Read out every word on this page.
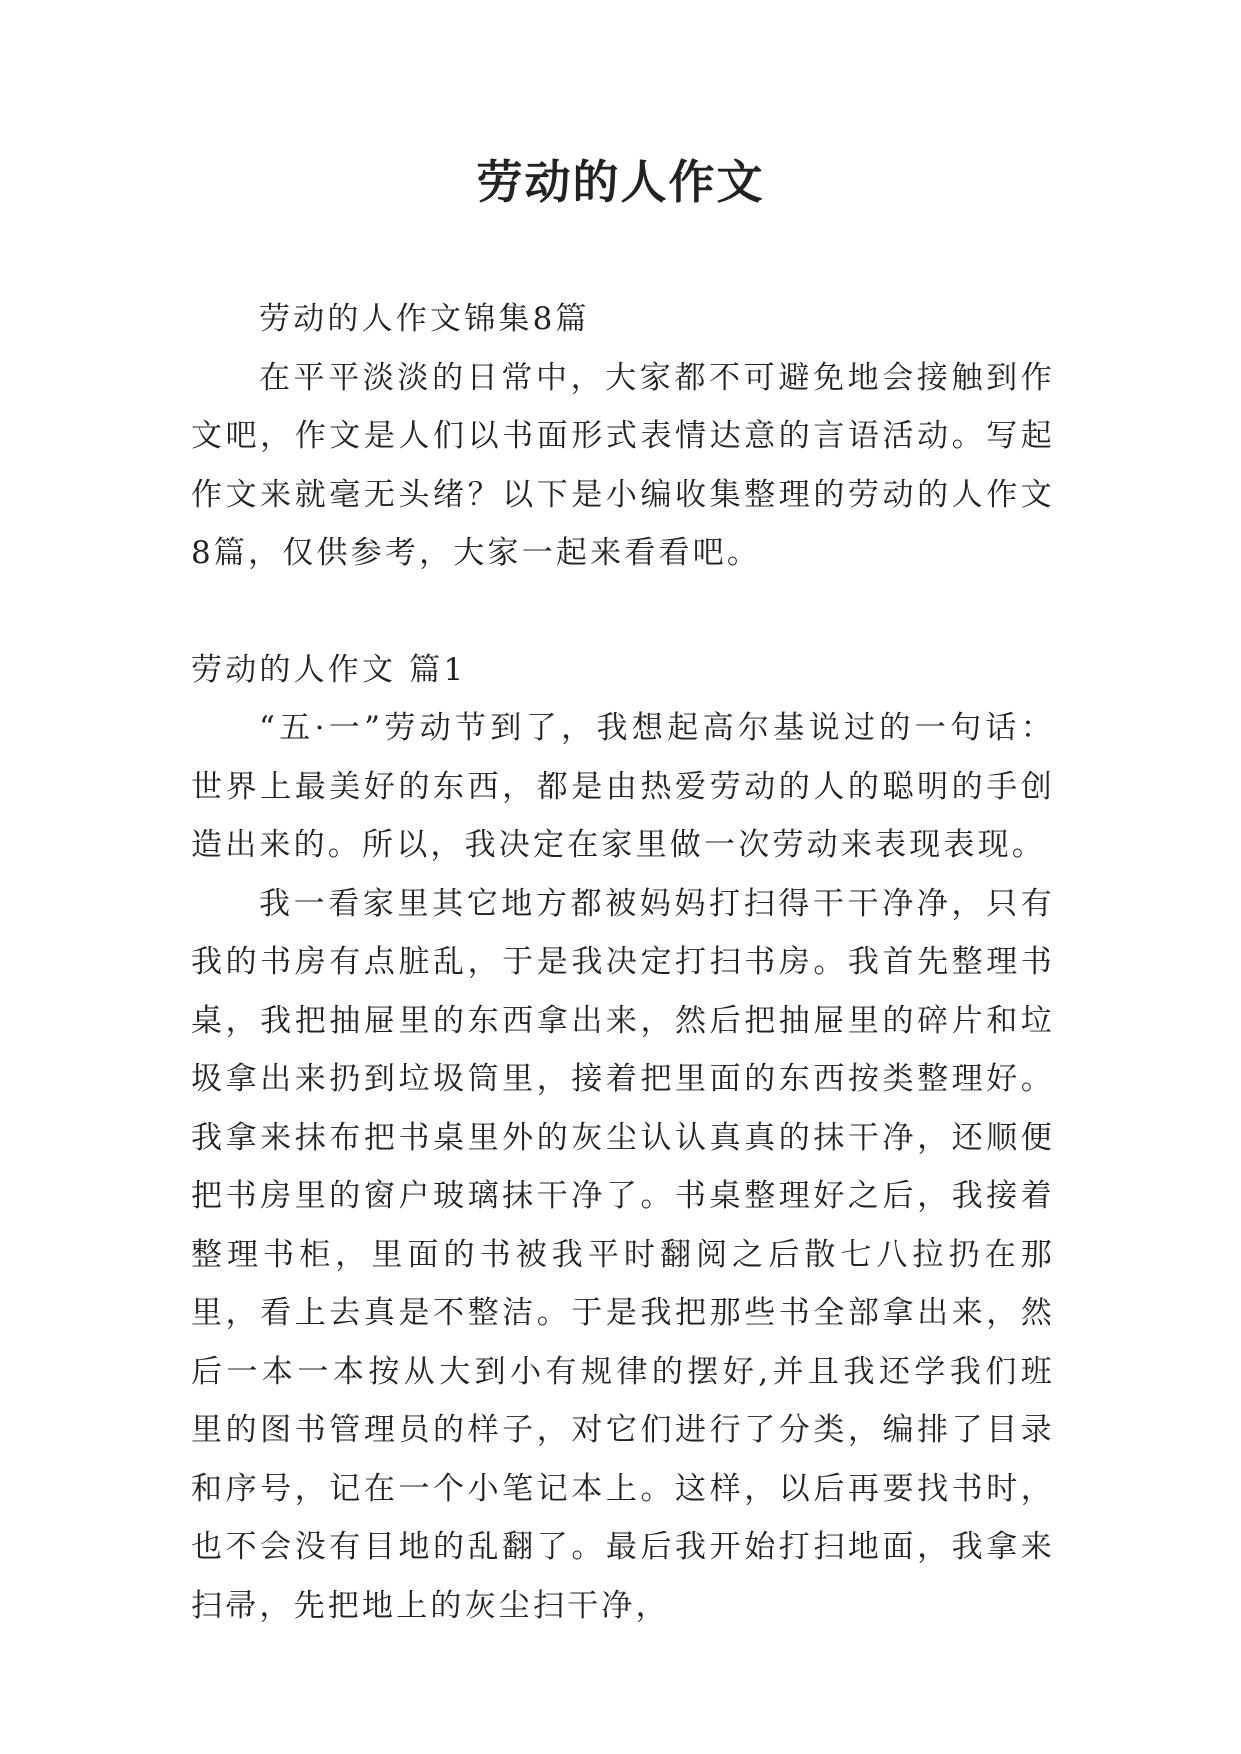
劳动的人作文

劳动的人作文锦集8篇

在平平淡淡的日常中，大家都不可避免地会接触到作文吧，作文是人们以书面形式表情达意的言语活动。写起作文来就毫无头绪？以下是小编收集整理的劳动的人作文8篇，仅供参考，大家一起来看看吧。

劳动的人作文 篇1

“五·一”劳动节到了，我想起高尔基说过的一句话：世界上最美好的东西，都是由热爱劳动的人的聪明的手创造出来的。所以，我决定在家里做一次劳动来表现表现。

我一看家里其它地方都被妈妈打扫得干干净净，只有我的书房有点脏乱，于是我决定打扫书房。我首先整理书桌，我把抽屉里的东西拿出来，然后把抽屉里的碎片和垃圾拿出来扔到垃圾筒里，接着把里面的东西按类整理好。我拿来抹布把书桌里外的灰尘认认真真的抹干净，还顺便把书房里的窗户玻璃抹干净了。书桌整理好之后，我接着整理书柜，里面的书被我平时翻阅之后散七八拉扔在那里，看上去真是不整洁。于是我把那些书全部拿出来，然后一本一本按从大到小有规律的摆好,并且我还学我们班里的图书管理员的样子，对它们进行了分类，编排了目录和序号，记在一个小笔记本上。这样，以后再要找书时，也不会没有目地的乱翻了。最后我开始打扫地面，我拿来扫帚，先把地上的灰尘扫干净，
